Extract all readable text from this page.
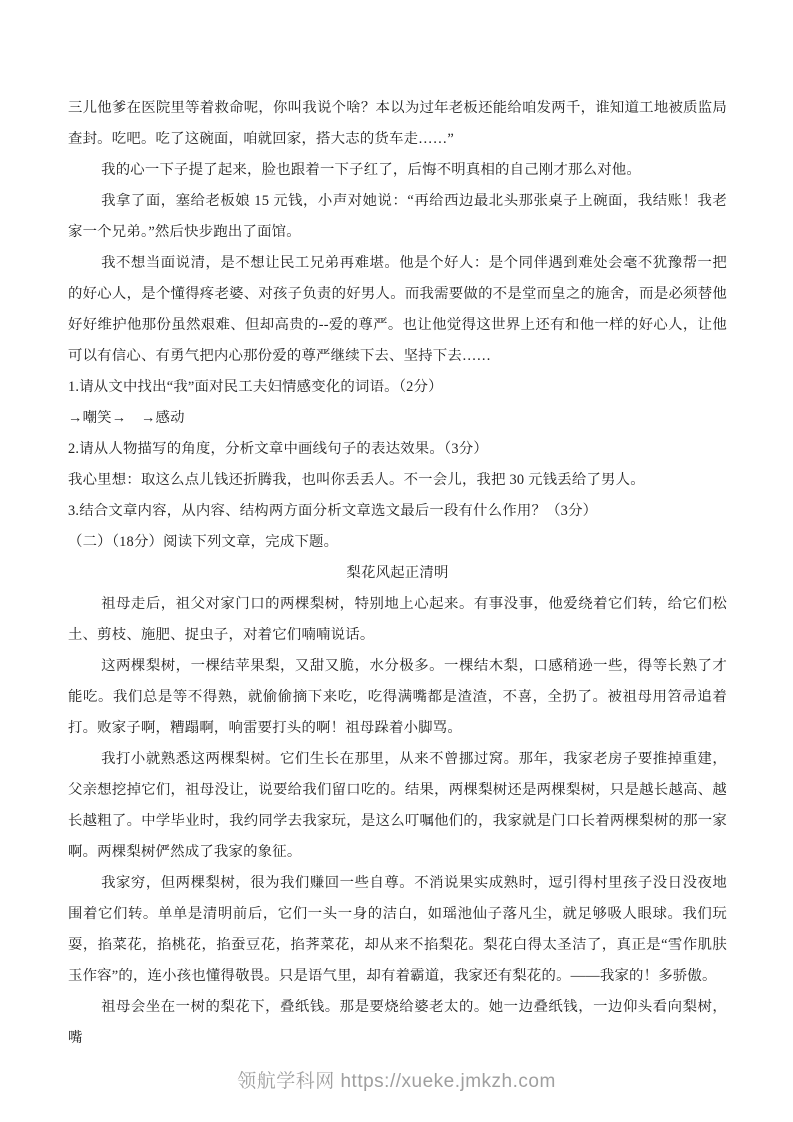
三儿他爹在医院里等着救命呢，你叫我说个啥？本以为过年老板还能给咱发两千，谁知道工地被质监局查封。吃吧。吃了这碗面，咱就回家，搭大志的货车走……”

我的心一下子提了起来，脸也跟着一下子红了，后悔不明真相的自己刚才那么对他。

我拿了面，塞给老板娘 15 元钱，小声对她说：“再给西边最北头那张桌子上碗面，我结账！我老家一个兄弟。”然后快步跑出了面馆。

我不想当面说清，是不想让民工兄弟再难堪。他是个好人：是个同伴遇到难处会毫不犹豫帮一把的好心人，是个懂得疼老婆、对孩子负责的好男人。而我需要做的不是堂而皇之的施舍，而是必须替他好好维护他那份虽然艰难、但却高贵的--爱的尊严。也让他觉得这世界上还有和他一样的好心人，让他可以有信心、有勇气把内心那份爱的尊严继续下去、坚持下去……

1.请从文中找出“我”面对民工夫妇情感变化的词语。（2分）

→嘲笑→　→感动

2.请从人物描写的角度，分析文章中画线句子的表达效果。（3分）

我心里想：取这么点儿钱还折腾我，也叫你丢丢人。不一会儿，我把 30 元钱丢给了男人。

3.结合文章内容，从内容、结构两方面分析文章选文最后一段有什么作用？（3分）

（二）（18分）阅读下列文章，完成下题。

梨花风起正清明

祖母走后，祖父对家门口的两棵梨树，特别地上心起来。有事没事，他爱绕着它们转，给它们松土、剪枝、施肥、捉虫子，对着它们喃喃说话。

这两棵梨树，一棵结苹果梨，又甜又脆，水分极多。一棵结木梨，口感稍逊一些，得等长熟了才能吃。我们总是等不得熟，就偷偷摘下来吃，吃得满嘴都是渣渣，不喜，全扔了。被祖母用笤帚追着打。败家子啊，糟蹋啊，响雷要打头的啊！祖母跺着小脚骂。

我打小就熟悉这两棵梨树。它们生长在那里，从来不曾挪过窝。那年，我家老房子要推掉重建，父亲想挖掉它们，祖母没让，说要给我们留口吃的。结果，两棵梨树还是两棵梨树，只是越长越高、越长越粗了。中学毕业时，我约同学去我家玩，是这么叮嘱他们的，我家就是门口长着两棵梨树的那一家啊。两棵梨树俨然成了我家的象征。

我家穷，但两棵梨树，很为我们赚回一些自尊。不消说果实成熟时，逗引得村里孩子没日没夜地围着它们转。单单是清明前后，它们一头一身的洁白，如瑶池仙子落凡尘，就足够吸人眼球。我们玩耍，掐菜花，掐桃花，掐蚕豆花，掐荠菜花，却从来不掐梨花。梨花白得太圣洁了，真正是“雪作肌肤玉作容”的，连小孩也懂得敬畏。只是语气里，却有着霸道，我家还有梨花的。——我家的！多骄傲。

祖母会坐在一树的梨花下，叠纸钱。那是要烧给婆老太的。她一边叠纸钱，一边仰头看向梨树，嘴

领航学科网 https://xueke.jmkzh.com
